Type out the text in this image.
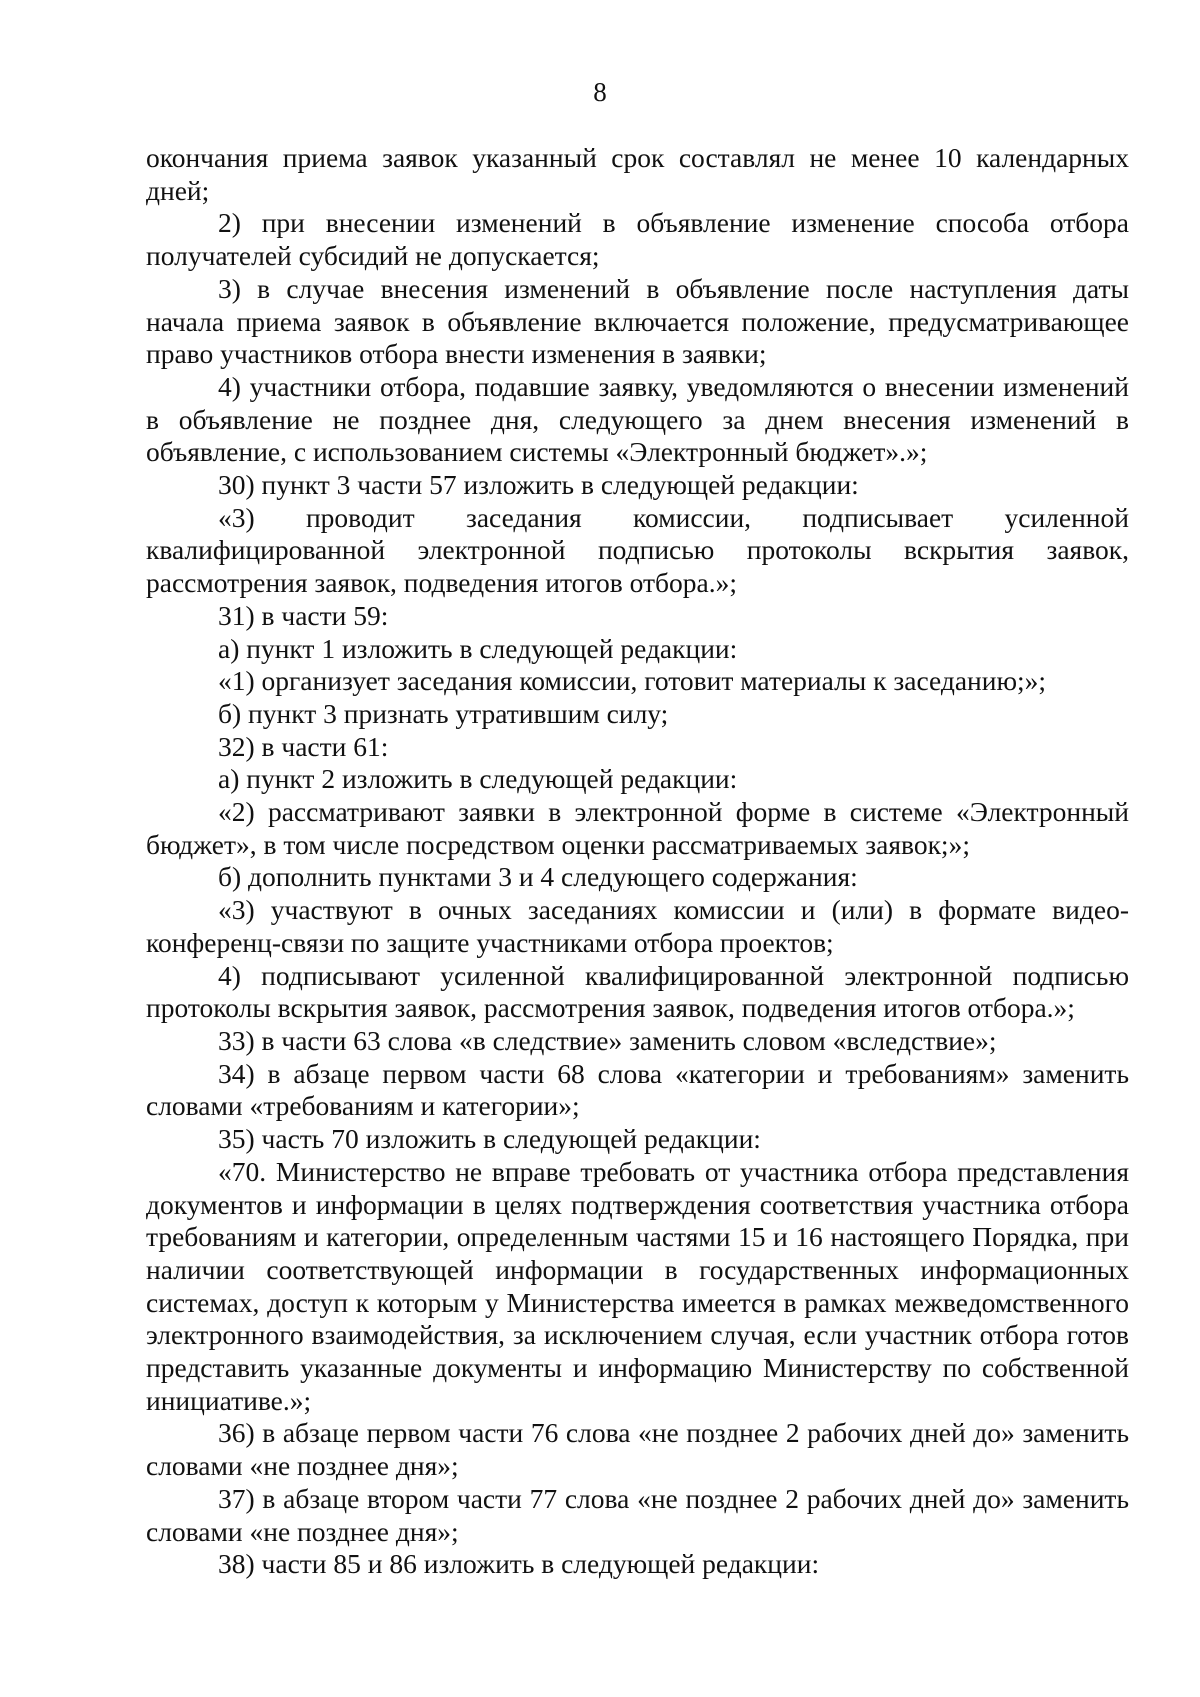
8

окончания приема заявок указанный срок составлял не менее 10 календарных дней;

2) при внесении изменений в объявление изменение способа отбора получателей субсидий не допускается;

3) в случае внесения изменений в объявление после наступления даты начала приема заявок в объявление включается положение, предусматривающее право участников отбора внести изменения в заявки;

4) участники отбора, подавшие заявку, уведомляются о внесении изменений в объявление не позднее дня, следующего за днем внесения изменений в объявление, с использованием системы «Электронный бюджет».»;

30) пункт 3 части 57 изложить в следующей редакции:

«3) проводит заседания комиссии, подписывает усиленной квалифицированной электронной подписью протоколы вскрытия заявок, рассмотрения заявок, подведения итогов отбора.»;

31) в части 59:

а) пункт 1 изложить в следующей редакции:

«1) организует заседания комиссии, готовит материалы к заседанию;»;

б) пункт 3 признать утратившим силу;

32) в части 61:

а) пункт 2 изложить в следующей редакции:

«2) рассматривают заявки в электронной форме в системе «Электронный бюджет», в том числе посредством оценки рассматриваемых заявок;»;

б) дополнить пунктами 3 и 4 следующего содержания:

«3) участвуют в очных заседаниях комиссии и (или) в формате видео-конференц-связи по защите участниками отбора проектов;

4) подписывают усиленной квалифицированной электронной подписью протоколы вскрытия заявок, рассмотрения заявок, подведения итогов отбора.»;

33) в части 63 слова «в следствие» заменить словом «вследствие»;

34) в абзаце первом части 68 слова «категории и требованиям» заменить словами «требованиям и категории»;

35) часть 70 изложить в следующей редакции:

«70. Министерство не вправе требовать от участника отбора представления документов и информации в целях подтверждения соответствия участника отбора требованиям и категории, определенным частями 15 и 16 настоящего Порядка, при наличии соответствующей информации в государственных информационных системах, доступ к которым у Министерства имеется в рамках межведомственного электронного взаимодействия, за исключением случая, если участник отбора готов представить указанные документы и информацию Министерству по собственной инициативе.»;

36) в абзаце первом части 76 слова «не позднее 2 рабочих дней до» заменить словами «не позднее дня»;

37) в абзаце втором части 77 слова «не позднее 2 рабочих дней до» заменить словами «не позднее дня»;

38) части 85 и 86 изложить в следующей редакции:
